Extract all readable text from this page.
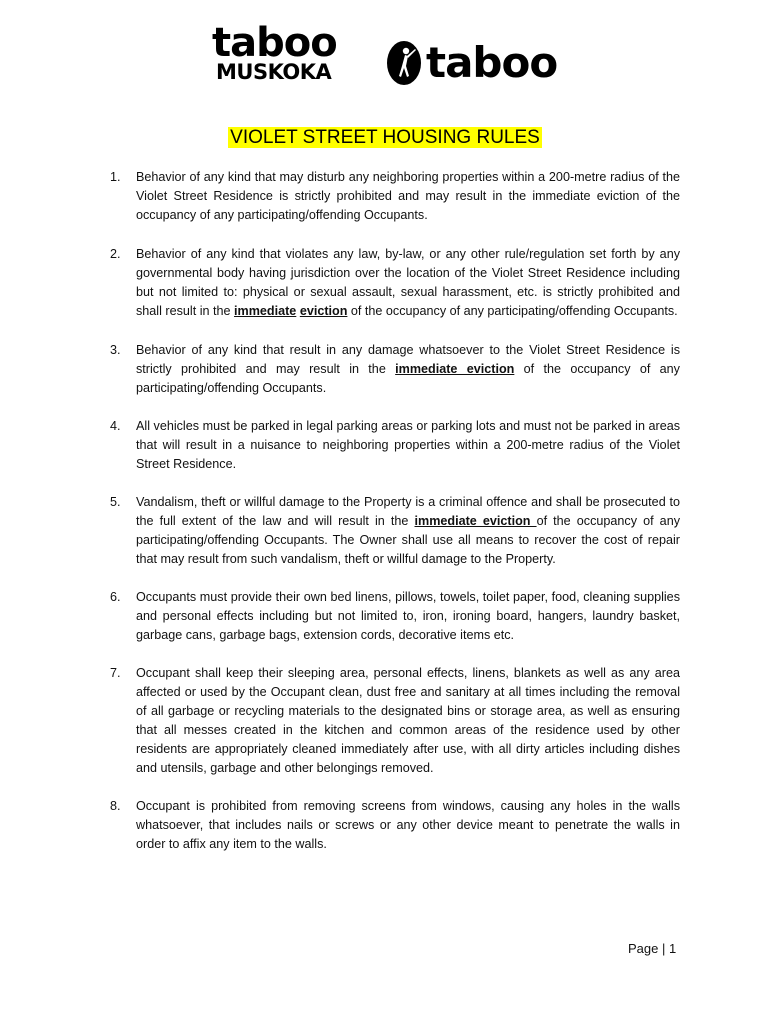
taboo
MUSKOKA	taboo
VIOLET STREET HOUSING RULES
1. Behavior of any kind that may disturb any neighboring properties within a 200-metre radius of the Violet Street Residence is strictly prohibited and may result in the immediate eviction of the occupancy of any participating/offending Occupants.
2. Behavior of any kind that violates any law, by-law, or any other rule/regulation set forth by any governmental body having jurisdiction over the location of the Violet Street Residence including but not limited to: physical or sexual assault, sexual harassment, etc. is strictly prohibited and shall result in the immediate eviction of the occupancy of any participating/offending Occupants.
3. Behavior of any kind that result in any damage whatsoever to the Violet Street Residence is strictly prohibited and may result in the immediate eviction of the occupancy of any participating/offending Occupants.
4. All vehicles must be parked in legal parking areas or parking lots and must not be parked in areas that will result in a nuisance to neighboring properties within a 200-metre radius of the Violet Street Residence.
5. Vandalism, theft or willful damage to the Property is a criminal offence and shall be prosecuted to the full extent of the law and will result in the immediate eviction of the occupancy of any participating/offending Occupants. The Owner shall use all means to recover the cost of repair that may result from such vandalism, theft or willful damage to the Property.
6. Occupants must provide their own bed linens, pillows, towels, toilet paper, food, cleaning supplies and personal effects including but not limited to, iron, ironing board, hangers, laundry basket, garbage cans, garbage bags, extension cords, decorative items etc.
7. Occupant shall keep their sleeping area, personal effects, linens, blankets as well as any area affected or used by the Occupant clean, dust free and sanitary at all times including the removal of all garbage or recycling materials to the designated bins or storage area, as well as ensuring that all messes created in the kitchen and common areas of the residence used by other residents are appropriately cleaned immediately after use, with all dirty articles including dishes and utensils, garbage and other belongings removed.
8. Occupant is prohibited from removing screens from windows, causing any holes in the walls whatsoever, that includes nails or screws or any other device meant to penetrate the walls in order to affix any item to the walls.
Page | 1
